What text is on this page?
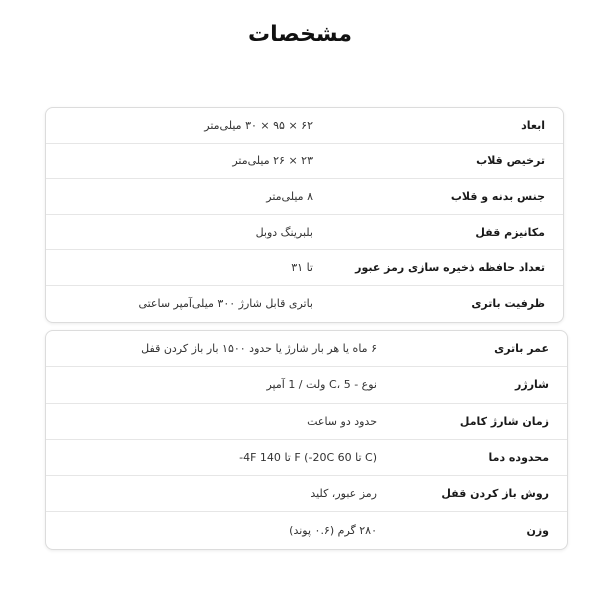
مشخصات
ابعاد
۶۲ × ۹۵ × ۳۰ میلی‌متر
ترخیص قلاب
۲۳ × ۲۶ میلی‌متر
جنس بدنه و قلاب
۸ میلی‌متر
مکانیزم قفل
بلبرینگ دوبل
تعداد حافظه ذخیره سازی رمز عبور
تا ۳۱
ظرفیت باتری
باتری قابل شارژ ۳۰۰ میلی‌آمپر ساعتی
عمر باتری
۶ ماه یا هر بار شارژ یا حدود ۱۵۰۰ بار باز کردن قفل
شارژر
نوع - C، 5 ولت / 1 آمپر
زمان شارژ کامل
حدود دو ساعت
محدوده دما
-4F 140 تا F (-20C 60 تا C)
روش باز کردن قفل
رمز عبور، کلید
وزن
۲۸۰ گرم (۰.۶ پوند)
